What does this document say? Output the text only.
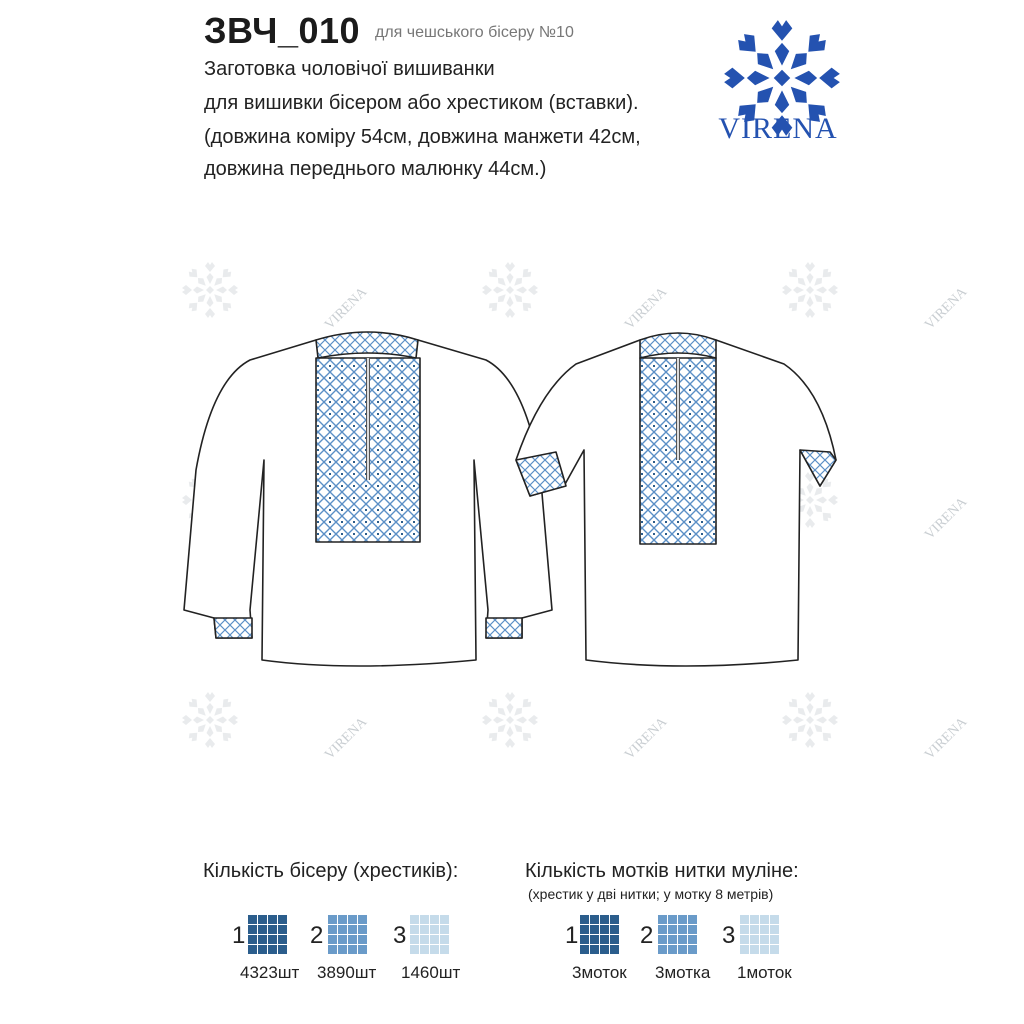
ЗВЧ_010 для чешського бісеру №10
Заготовка чоловічої вишиванки
для вишивки бісером або хрестиком (вставки).
(довжина коміру 54см, довжина манжети 42см,
довжина переднього малюнку 44см.)
VIRENA
VIRENA
VIRENA
VIRENA
VIRENA
VIRENA
VIRENA
VIRENA
Кількість бісеру (хрестиків):
1
4323шт
2
3890шт
3
1460шт
Кількість мотків нитки муліне:
(хрестик у дві нитки; у мотку 8 метрів)
1
3моток
2
3мотка
3
1моток
